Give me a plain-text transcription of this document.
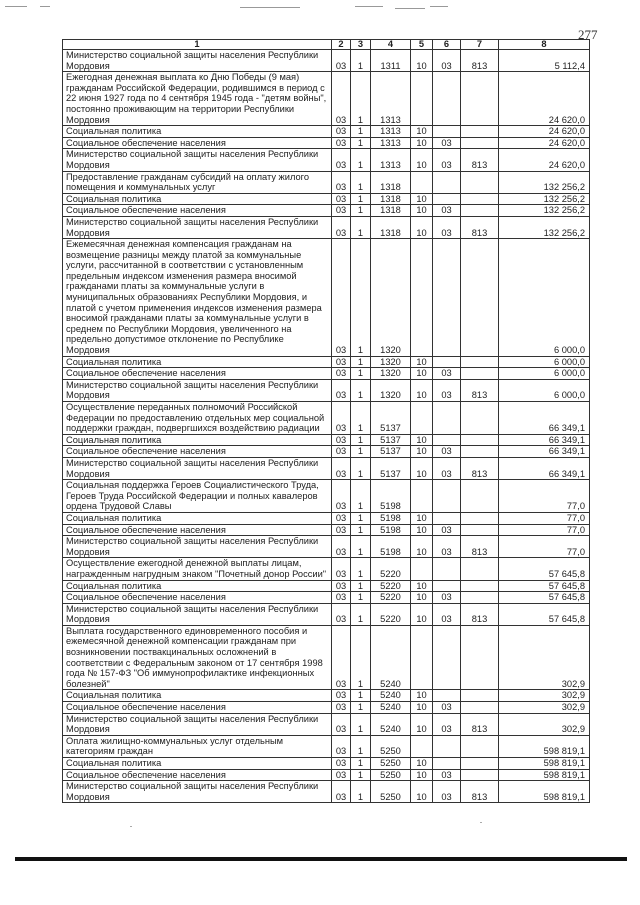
277
1	2	3	4	5	6	7	8
Министерство социальной защиты населения Республики Мордовия	03	1	1311	10	03	813	5 112,4
Ежегодная денежная выплата ко Дню Победы (9 мая) гражданам Российской Федерации, родившимся в период с 22 июня 1927 года по 4 сентября 1945 года - "детям войны", постоянно проживающим на территории Республики Мордовия	03	1	1313				24 620,0
Социальная политика	03	1	1313	10			24 620,0
Социальное обеспечение населения	03	1	1313	10	03		24 620,0
Министерство социальной защиты населения Республики Мордовия	03	1	1313	10	03	813	24 620,0
Предоставление гражданам субсидий на оплату жилого помещения и коммунальных услуг	03	1	1318				132 256,2
Социальная политика	03	1	1318	10			132 256,2
Социальное обеспечение населения	03	1	1318	10	03		132 256,2
Министерство социальной защиты населения Республики Мордовия	03	1	1318	10	03	813	132 256,2
Ежемесячная денежная компенсация гражданам на возмещение разницы между платой за коммунальные услуги, рассчитанной в соответствии с установленным предельным индексом изменения размера вносимой гражданами платы за коммунальные услуги в муниципальных образованиях Республики Мордовия, и платой с учетом применения индексов изменения размера вносимой гражданами платы за коммунальные услуги в среднем по Республики Мордовия, увеличенного на предельно допустимое отклонение по Республике Мордовия	03	1	1320				6 000,0
Социальная политика	03	1	1320	10			6 000,0
Социальное обеспечение населения	03	1	1320	10	03		6 000,0
Министерство социальной защиты населения Республики Мордовия	03	1	1320	10	03	813	6 000,0
Осуществление переданных полномочий Российской Федерации по предоставлению отдельных мер социальной поддержки граждан, подвергшихся воздействию радиации	03	1	5137				66 349,1
Социальная политика	03	1	5137	10			66 349,1
Социальное обеспечение населения	03	1	5137	10	03		66 349,1
Министерство социальной защиты населения Республики Мордовия	03	1	5137	10	03	813	66 349,1
Социальная поддержка Героев Социалистического Труда, Героев Труда Российской Федерации и полных кавалеров ордена Трудовой Славы	03	1	5198				77,0
Социальная политика	03	1	5198	10			77,0
Социальное обеспечение населения	03	1	5198	10	03		77,0
Министерство социальной защиты населения Республики Мордовия	03	1	5198	10	03	813	77,0
Осуществление ежегодной денежной выплаты лицам, награжденным нагрудным знаком "Почетный донор России"	03	1	5220				57 645,8
Социальная политика	03	1	5220	10			57 645,8
Социальное обеспечение населения	03	1	5220	10	03		57 645,8
Министерство социальной защиты населения Республики Мордовия	03	1	5220	10	03	813	57 645,8
Выплата государственного единовременного пособия и ежемесячной денежной компенсации гражданам при возникновении поствакцинальных осложнений в соответствии с Федеральным законом от 17 сентября 1998 года № 157-ФЗ "Об иммунопрофилактике инфекционных болезней"	03	1	5240				302,9
Социальная политика	03	1	5240	10			302,9
Социальное обеспечение населения	03	1	5240	10	03		302,9
Министерство социальной защиты населения Республики Мордовия	03	1	5240	10	03	813	302,9
Оплата жилищно-коммунальных услуг отдельным категориям граждан	03	1	5250				598 819,1
Социальная политика	03	1	5250	10			598 819,1
Социальное обеспечение населения	03	1	5250	10	03		598 819,1
Министерство социальной защиты населения Республики Мордовия	03	1	5250	10	03	813	598 819,1
